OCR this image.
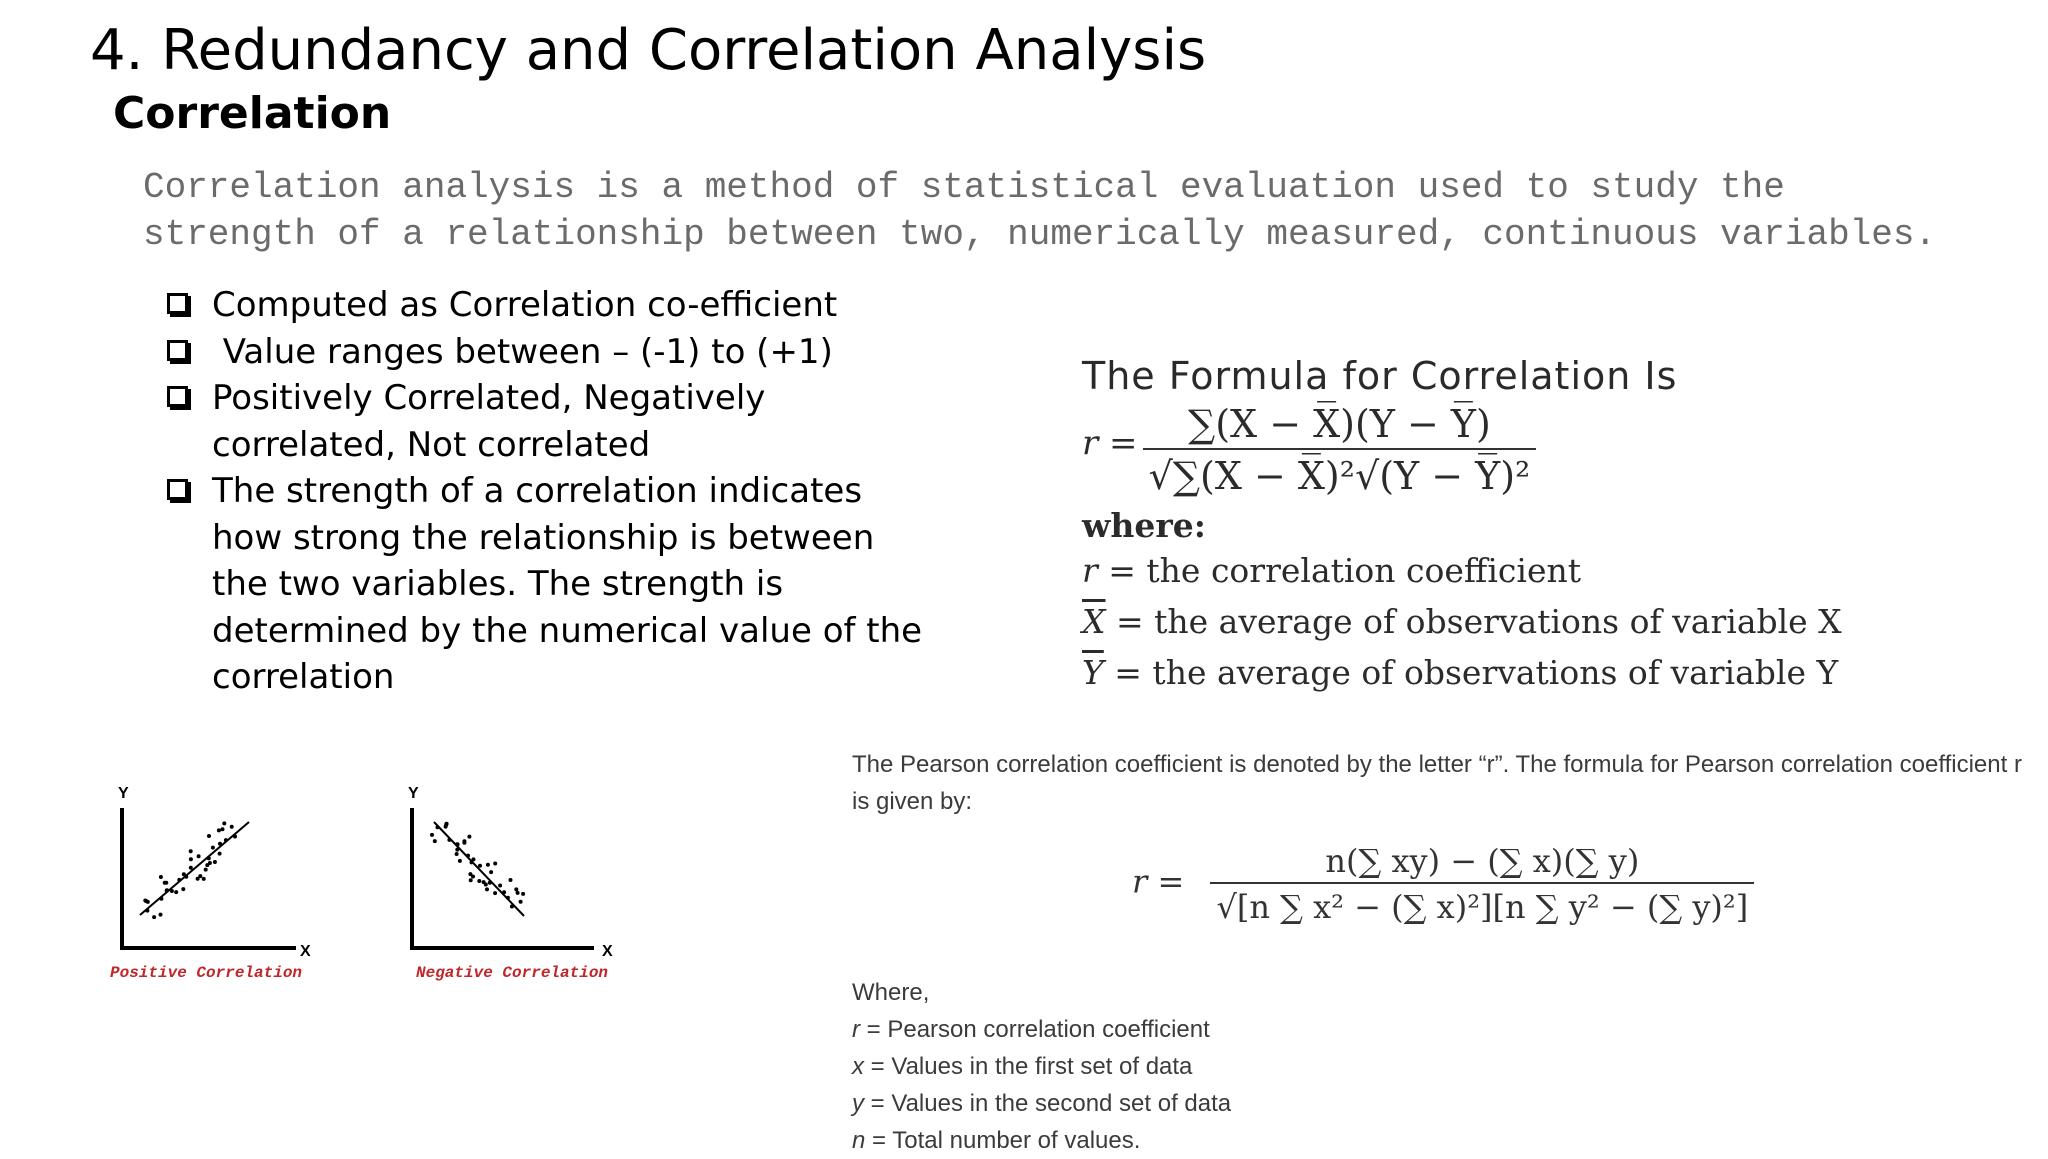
4. Redundancy and Correlation Analysis
Correlation
Correlation analysis is a method of statistical evaluation used to study the strength of a relationship between two, numerically measured, continuous variables.
Computed as Correlation co-efficient
Value ranges between – (-1) to (+1)
Positively Correlated, Negatively correlated, Not correlated
The strength of a correlation indicates how strong the relationship is between the two variables. The strength is determined by the numerical value of the correlation
The Formula for Correlation Is
$r = \frac{\sum(X - X̅)(Y - Y̅)}{\text{√∑(X − X̅)²√(Y − Y̅)²}}$
where:
r = the correlation coefficient
$\overline{X}$ = the average of observations of variable X
$\overline{Y}$ = the average of observations of variable Y
The Pearson correlation coefficient is denoted by the letter “r”. The formula for Pearson correlation coefficient r is given by:
$r = \frac{n(\sum xy) - (\sum x)(\sum y)}{\text{√[n ∑ x² − (∑ x)²][n ∑ y² − (∑ y)²]}}$
Where,
r = Pearson correlation coefficient
x = Values in the first set of data
y = Values in the second set of data
n = Total number of values.
Y
X
Positive Correlation
Y
X
Negative Correlation
